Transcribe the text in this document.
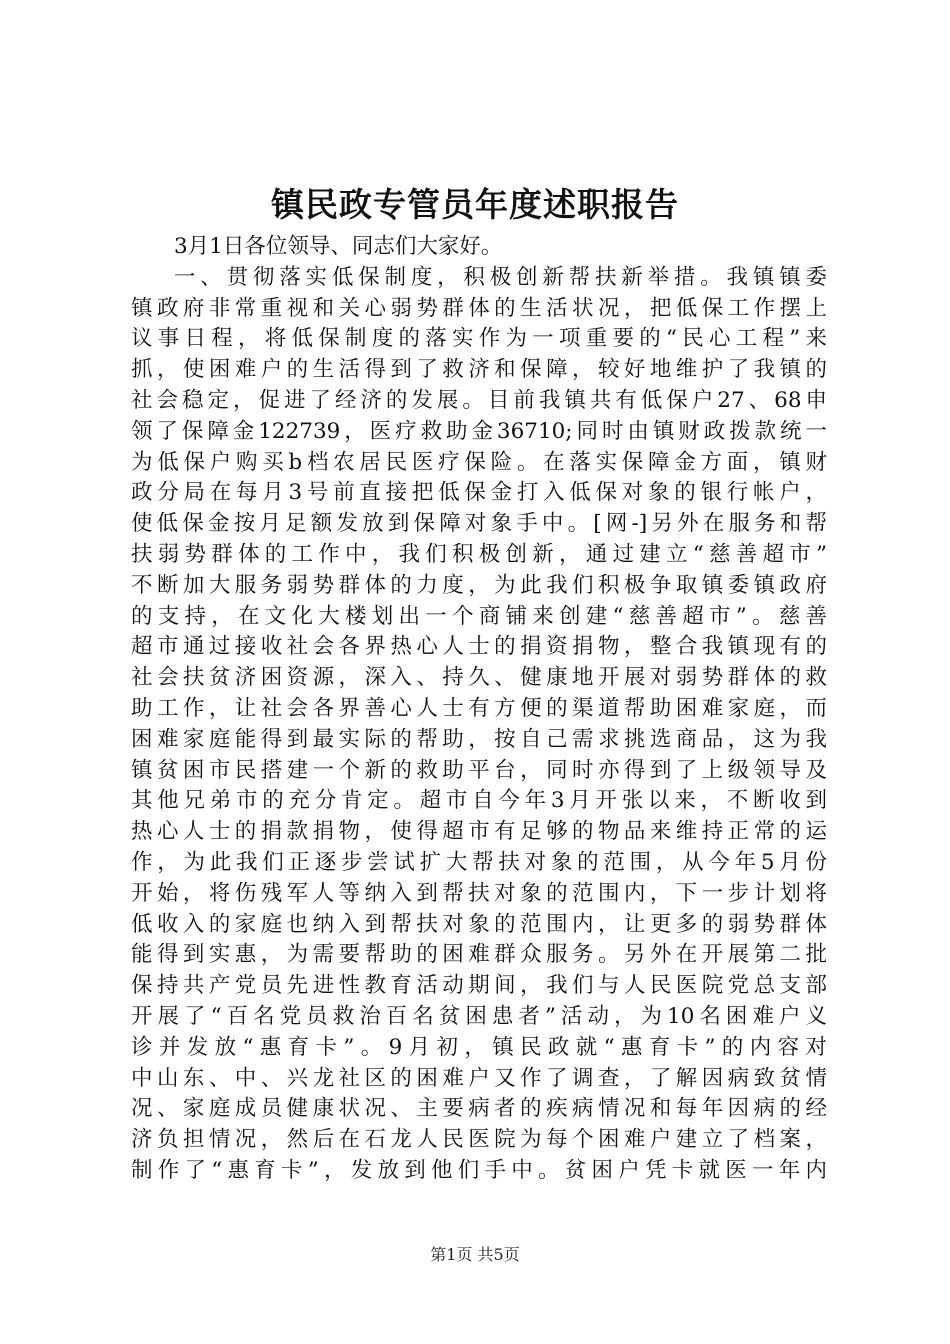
镇民政专管员年度述职报告
3月1日各位领导、同志们大家好。
一、贯彻落实低保制度，积极创新帮扶新举措。我镇镇委
镇政府非常重视和关心弱势群体的生活状况，把低保工作摆上
议事日程，将低保制度的落实作为一项重要的“民心工程”来
抓，使困难户的生活得到了救济和保障，较好地维护了我镇的
社会稳定，促进了经济的发展。目前我镇共有低保户27、68申
领了保障金122739，医疗救助金36710;同时由镇财政拨款统一
为低保户购买b档农居民医疗保险。在落实保障金方面，镇财
政分局在每月3号前直接把低保金打入低保对象的银行帐户，
使低保金按月足额发放到保障对象手中。[网-]另外在服务和帮
扶弱势群体的工作中，我们积极创新，通过建立“慈善超市”
不断加大服务弱势群体的力度，为此我们积极争取镇委镇政府
的支持，在文化大楼划出一个商铺来创建“慈善超市”。慈善
超市通过接收社会各界热心人士的捐资捐物，整合我镇现有的
社会扶贫济困资源，深入、持久、健康地开展对弱势群体的救
助工作，让社会各界善心人士有方便的渠道帮助困难家庭，而
困难家庭能得到最实际的帮助，按自己需求挑选商品，这为我
镇贫困市民搭建一个新的救助平台，同时亦得到了上级领导及
其他兄弟市的充分肯定。超市自今年3月开张以来，不断收到
热心人士的捐款捐物，使得超市有足够的物品来维持正常的运
作，为此我们正逐步尝试扩大帮扶对象的范围，从今年5月份
开始，将伤残军人等纳入到帮扶对象的范围内，下一步计划将
低收入的家庭也纳入到帮扶对象的范围内，让更多的弱势群体
能得到实惠，为需要帮助的困难群众服务。另外在开展第二批
保持共产党员先进性教育活动期间，我们与人民医院党总支部
开展了“百名党员救治百名贫困患者”活动，为10名困难户义
诊并发放“惠育卡”。9月初，镇民政就“惠育卡”的内容对
中山东、中、兴龙社区的困难户又作了调查，了解因病致贫情
况、家庭成员健康状况、主要病者的疾病情况和每年因病的经
济负担情况，然后在石龙人民医院为每个困难户建立了档案，
制作了“惠育卡”，发放到他们手中。贫困户凭卡就医一年内
第1页 共5页
